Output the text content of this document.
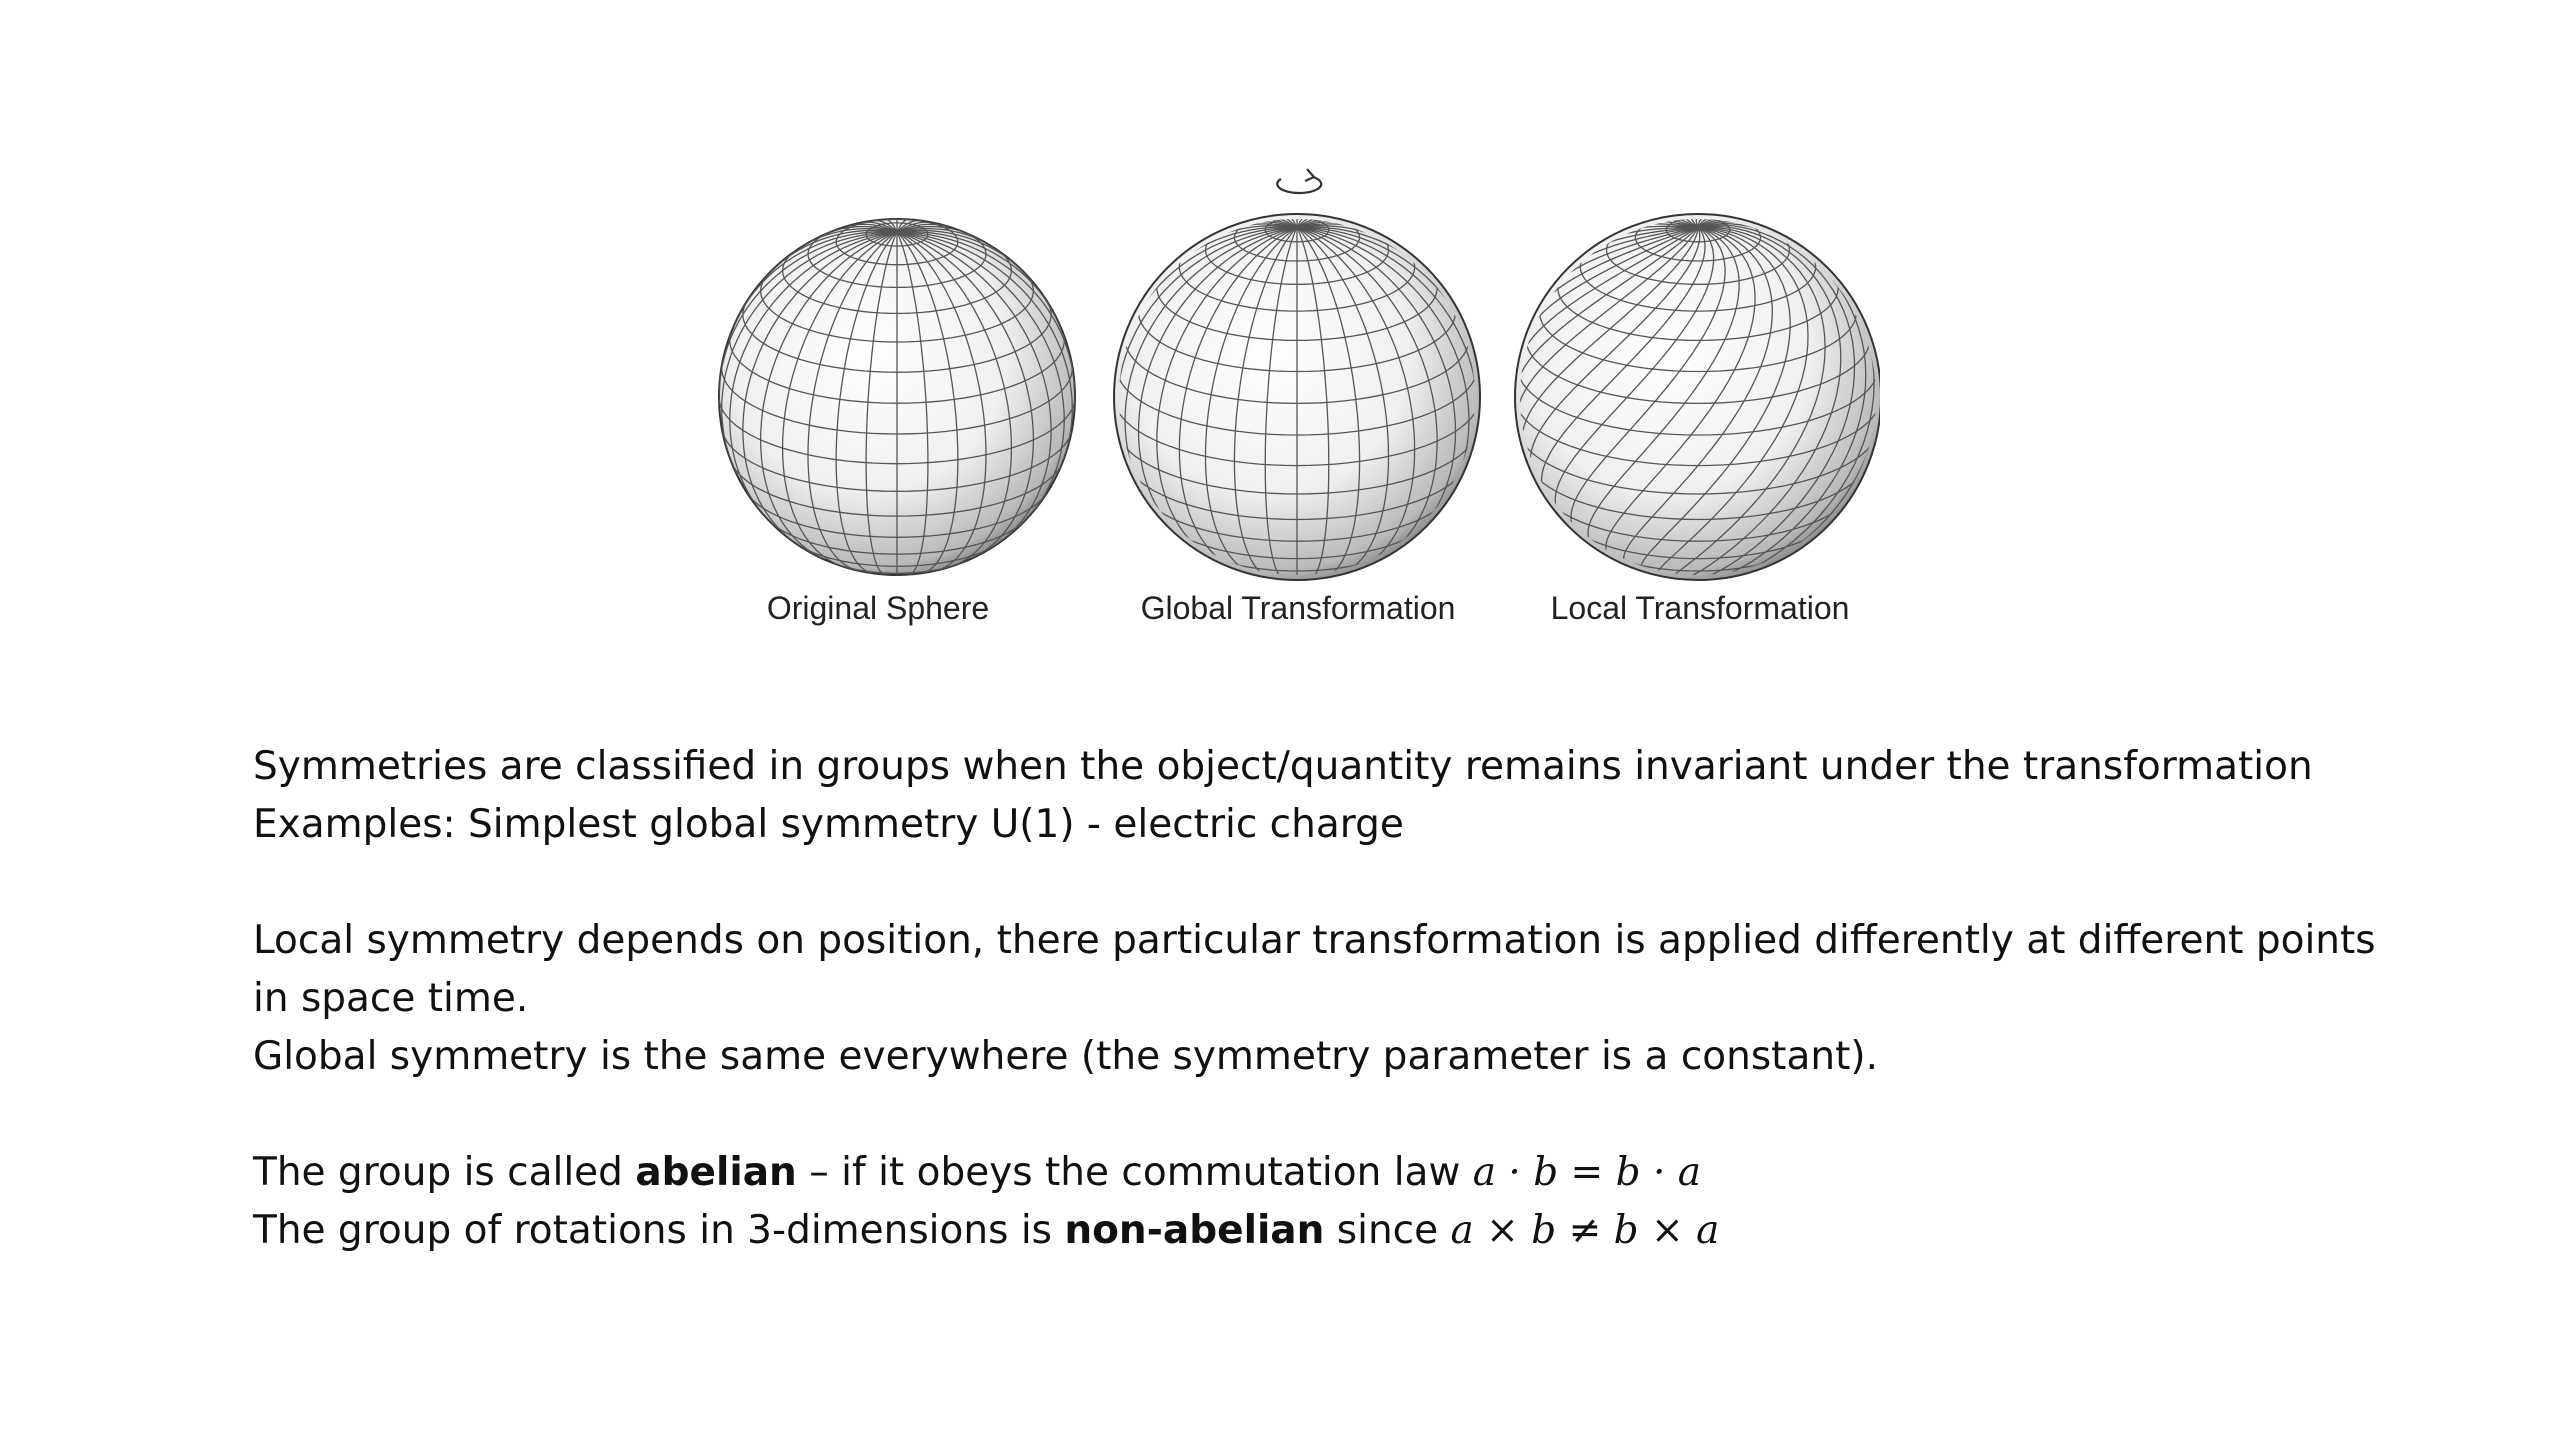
Original Sphere	Global Transformation	Local Transformation
Symmetries are classified in groups when the object/quantity remains invariant under the transformation
Examples: Simplest global symmetry U(1) - electric charge
Local symmetry depends on position, there particular transformation is applied differently at different points
in space time.
Global symmetry is the same everywhere (the symmetry parameter is a constant).
The group is called abelian – if it obeys the commutation law a · b = b · a
The group of rotations in 3-dimensions is non-abelian since a × b ≠ b × a
